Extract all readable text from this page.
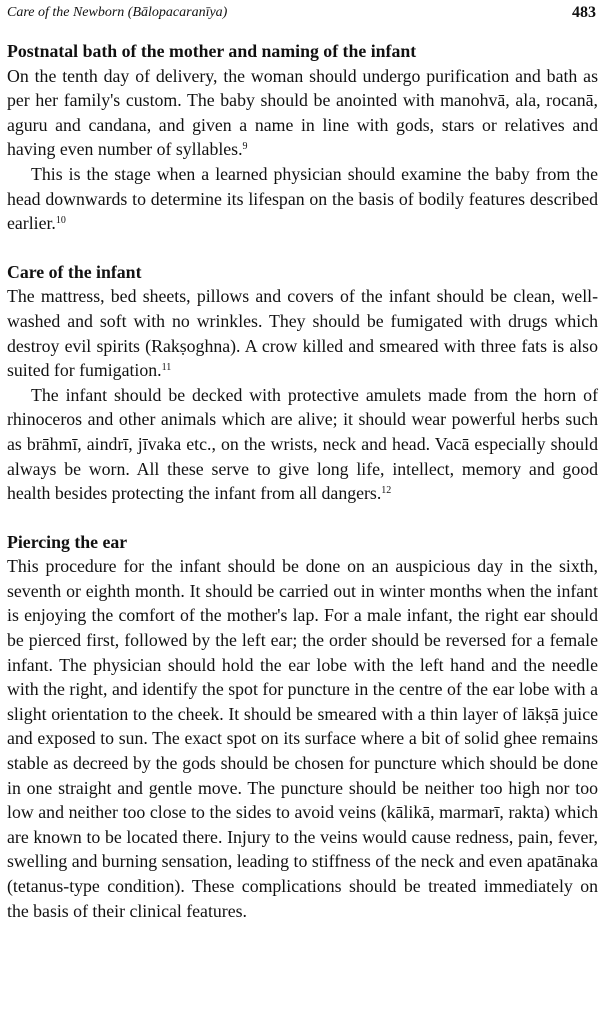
Care of the Newborn (Bālopacaranīya)	483
Postnatal bath of the mother and naming of the infant

On the tenth day of delivery, the woman should undergo purification and bath as per her family's custom. The baby should be anointed with manohvā, ala, rocanā, aguru and candana, and given a name in line with gods, stars or relatives and having even number of syllables.$^9$

This is the stage when a learned physician should examine the baby from the head downwards to determine its lifespan on the basis of bodily features described earlier.$^{10}$

Care of the infant

The mattress, bed sheets, pillows and covers of the infant should be clean, well-washed and soft with no wrinkles. They should be fumigated with drugs which destroy evil spirits (Rakṣoghna). A crow killed and smeared with three fats is also suited for fumigation.$^{11}$

The infant should be decked with protective amulets made from the horn of rhinoceros and other animals which are alive; it should wear powerful herbs such as brāhmī, aindrī, jīvaka etc., on the wrists, neck and head. Vacā especially should always be worn. All these serve to give long life, intellect, memory and good health besides protecting the infant from all dangers.$^{12}$

Piercing the ear

This procedure for the infant should be done on an auspicious day in the sixth, seventh or eighth month. It should be carried out in winter months when the infant is enjoying the comfort of the mother's lap. For a male infant, the right ear should be pierced first, followed by the left ear; the order should be reversed for a female infant. The physician should hold the ear lobe with the left hand and the needle with the right, and identify the spot for puncture in the centre of the ear lobe with a slight orientation to the cheek. It should be smeared with a thin layer of lākṣā juice and exposed to sun. The exact spot on its surface where a bit of solid ghee remains stable as decreed by the gods should be chosen for puncture which should be done in one straight and gentle move. The puncture should be neither too high nor too low and neither too close to the sides to avoid veins (kālikā, marmarī, rakta) which are known to be located there. Injury to the veins would cause redness, pain, fever, swelling and burning sensation, leading to stiffness of the neck and even apatānaka (tetanus-type condition). These complications should be treated immediately on the basis of their clinical features.
